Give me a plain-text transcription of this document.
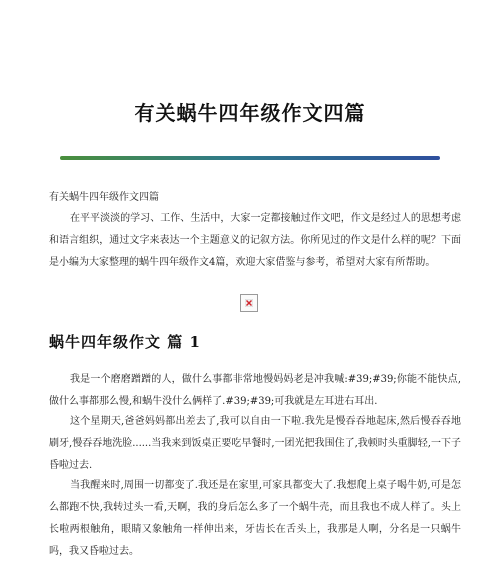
有关蜗牛四年级作文四篇

有关蜗牛四年级作文四篇

在平平淡淡的学习、工作、生活中，大家一定都接触过作文吧，作文是经过人的思想考虑和语言组织，通过文字来表达一个主题意义的记叙方法。你所见过的作文是什么样的呢？下面是小编为大家整理的蜗牛四年级作文4篇，欢迎大家借鉴与参考，希望对大家有所帮助。

蜗牛四年级作文 篇 1

我是一个磨磨蹭蹭的人，做什么事都非常地慢妈妈老是冲我喊:#39;#39;你能不能快点,做什么事都那么慢,和蜗牛没什么俩样了.#39;#39;可我就是左耳进右耳出.

这个星期天,爸爸妈妈都出差去了,我可以自由一下啦.我先是慢吞吞地起床,然后慢吞吞地刷牙,慢吞吞地洗脸......当我来到饭桌正要吃早餐时,一团光把我围住了,我顿时头重脚轻,一下子昏啦过去.

当我醒来时,周围一切都变了.我还是在家里,可家具都变大了.我想爬上桌子喝牛奶,可是怎么都跑不快,我转过头一看,天啊，我的身后怎么多了一个蜗牛壳，而且我也不成人样了。头上长啦两根触角，眼睛又象触角一样伸出来，牙齿长在舌头上，我那是人啊，分名是一只蜗牛吗，我又昏啦过去。
